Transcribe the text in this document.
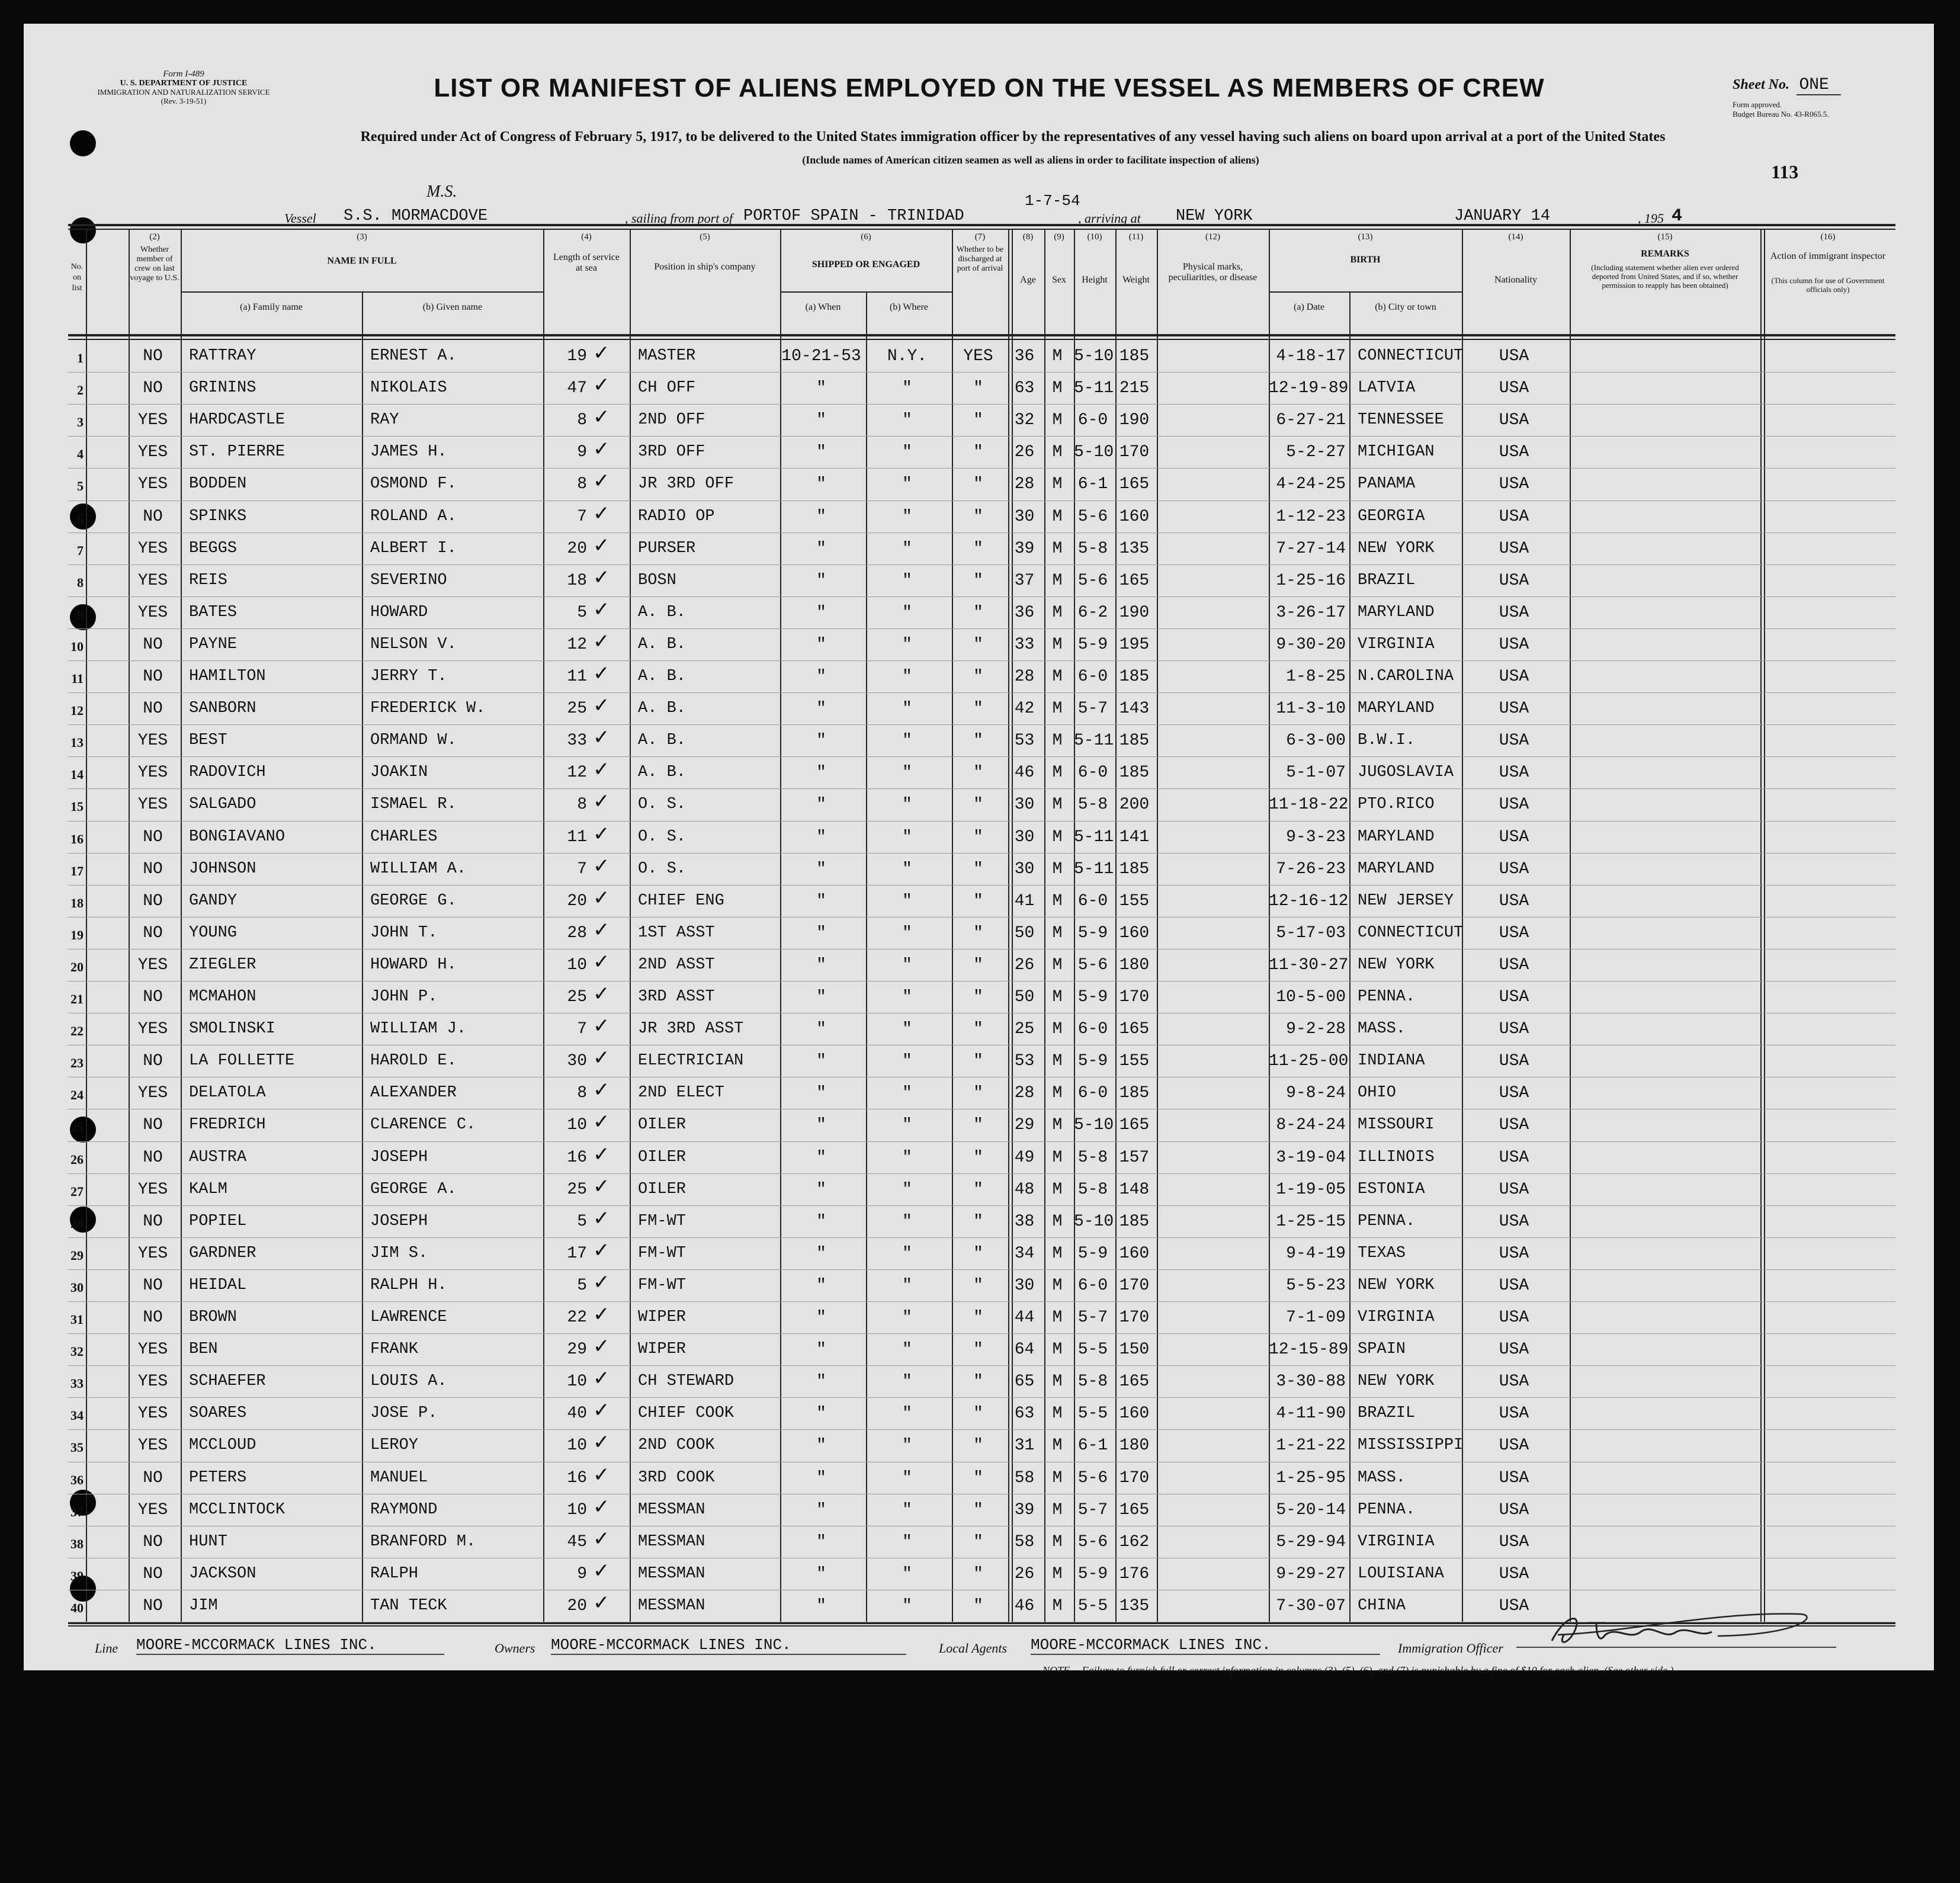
Form I-489
U. S. DEPARTMENT OF JUSTICE
IMMIGRATION AND NATURALIZATION SERVICE
(Rev. 3-19-51)	LIST OR MANIFEST OF ALIENS EMPLOYED ON THE VESSEL AS MEMBERS OF CREW	Sheet No. ONE
Form approved.
Budget Bureau No. 43-R065.5.
Required under Act of Congress of February 5, 1917, to be delivered to the United States immigration officer by the representatives of any vessel having such aliens on board upon arrival at a port of the United States
(Include names of American citizen seamen as well as aliens in order to facilitate inspection of aliens)
113
M.S.
Vessel S.S. MORMACDOVE	, sailing from port of PORTOF SPAIN - TRINIDAD
1-7-54
, arriving at	NEW YORK	JANUARY 14	, 195 4
No. on list
(2)
Whether member of crew on last voyage to U.S.
(3)
NAME IN FULL
(a) Family name	(b) Given name
(4)
Length of service at sea
(5)
Position in ship's company
(6)
SHIPPED OR ENGAGED
(a) When	(b) Where
(7)
Whether to be discharged at port of arrival
(8)
Age
(9)
Sex
(10)
Height
(11)
Weight
(12)
Physical marks, peculiarities, or disease
(13)
BIRTH
(a) Date	(b) City or town
(14)
Nationality
(15)
REMARKS
(Including statement whether alien ever ordered deported from United States, and if so, whether permission to reapply has been obtained)
(16)
Action of immigrant inspector
(This column for use of Government officials only)
1	NO	RATTRAY	ERNEST A.	19	MASTER	10-21-53	N.Y.	YES	36	M 5-10 185	4-18-17 CONNECTICUT	USA
✓
2	NO	GRININS	NIKOLAIS	47	CH OFF	"	"	"	63	M 5-11 215	12-19-89 LATVIA	USA
✓
3	YES	HARDCASTLE	RAY	8	2ND OFF	"	"	"	32	M 6-0 190	6-27-21 TENNESSEE	USA
✓
4	YES	ST. PIERRE	JAMES H.	9	3RD OFF	"	"	"	26	M 5-10 170	5-2-27 MICHIGAN	USA
✓
5	YES	BODDEN	OSMOND F.	8	JR 3RD OFF	"	"	"	28	M 6-1 165	4-24-25 PANAMA	USA
✓
6	NO	SPINKS	ROLAND A.	7	RADIO OP	"	"	"	30	M 5-6 160	1-12-23 GEORGIA	USA
✓
7	YES	BEGGS	ALBERT I.	20	PURSER	"	"	"	39	M 5-8 135	7-27-14 NEW YORK	USA
✓
8	YES	REIS	SEVERINO	18	BOSN	"	"	"	37	M 5-6 165	1-25-16 BRAZIL	USA
✓
9	YES	BATES	HOWARD	5	A. B.	"	"	"	36	M 6-2 190	3-26-17 MARYLAND	USA
✓
10	NO	PAYNE	NELSON V.	12	A. B.	"	"	"	33	M 5-9 195	9-30-20 VIRGINIA	USA
✓
11	NO	HAMILTON	JERRY T.	11	A. B.	"	"	"	28	M 6-0 185	1-8-25 N.CAROLINA	USA
✓
12	NO	SANBORN	FREDERICK W.	25	A. B.	"	"	"	42	M 5-7 143	11-3-10 MARYLAND	USA
✓
13	YES	BEST	ORMAND W.	33	A. B.	"	"	"	53	M 5-11 185	6-3-00 B.W.I.	USA
✓
14	YES	RADOVICH	JOAKIN	12	A. B.	"	"	"	46	M 6-0 185	5-1-07 JUGOSLAVIA	USA
✓
15	YES	SALGADO	ISMAEL R.	8	O. S.	"	"	"	30	M 5-8 200	11-18-22 PTO.RICO	USA
✓
16	NO	BONGIAVANO	CHARLES	11	O. S.	"	"	"	30	M 5-11 141	9-3-23 MARYLAND	USA
✓
17	NO	JOHNSON	WILLIAM A.	7	O. S.	"	"	"	30	M 5-11 185	7-26-23 MARYLAND	USA
✓
18	NO	GANDY	GEORGE G.	20	CHIEF ENG	"	"	"	41	M 6-0 155	12-16-12 NEW JERSEY	USA
✓
19	NO	YOUNG	JOHN T.	28	1ST ASST	"	"	"	50	M 5-9 160	5-17-03 CONNECTICUT	USA
✓
20	YES	ZIEGLER	HOWARD H.	10	2ND ASST	"	"	"	26	M 5-6 180	11-30-27 NEW YORK	USA
✓
21	NO	MCMAHON	JOHN P.	25	3RD ASST	"	"	"	50	M 5-9 170	10-5-00 PENNA.	USA
✓
22	YES	SMOLINSKI	WILLIAM J.	7	JR 3RD ASST	"	"	"	25	M 6-0 165	9-2-28 MASS.	USA
✓
23	NO	LA FOLLETTE	HAROLD E.	30	ELECTRICIAN	"	"	"	53	M 5-9 155	11-25-00 INDIANA	USA
✓
24	YES	DELATOLA	ALEXANDER	8	2ND ELECT	"	"	"	28	M 6-0 185	9-8-24 OHIO	USA
✓
25	NO	FREDRICH	CLARENCE C.	10	OILER	"	"	"	29	M 5-10 165	8-24-24 MISSOURI	USA
✓
26	NO	AUSTRA	JOSEPH	16	OILER	"	"	"	49	M 5-8 157	3-19-04 ILLINOIS	USA
✓
27	YES	KALM	GEORGE A.	25	OILER	"	"	"	48	M 5-8 148	1-19-05 ESTONIA	USA
✓
28	NO	POPIEL	JOSEPH	5	FM-WT	"	"	"	38	M 5-10 185	1-25-15 PENNA.	USA
✓
29	YES	GARDNER	JIM S.	17	FM-WT	"	"	"	34	M 5-9 160	9-4-19 TEXAS	USA
✓
30	NO	HEIDAL	RALPH H.	5	FM-WT	"	"	"	30	M 6-0 170	5-5-23 NEW YORK	USA
✓
31	NO	BROWN	LAWRENCE	22	WIPER	"	"	"	44	M 5-7 170	7-1-09 VIRGINIA	USA
✓
32	YES	BEN	FRANK	29	WIPER	"	"	"	64	M 5-5 150	12-15-89 SPAIN	USA
✓
33	YES	SCHAEFER	LOUIS A.	10	CH STEWARD	"	"	"	65	M 5-8 165	3-30-88 NEW YORK	USA
✓
34	YES	SOARES	JOSE P.	40	CHIEF COOK	"	"	"	63	M 5-5 160	4-11-90 BRAZIL	USA
✓
35	YES	MCCLOUD	LEROY	10	2ND COOK	"	"	"	31	M 6-1 180	1-21-22 MISSISSIPPI	USA
✓
36	NO	PETERS	MANUEL	16	3RD COOK	"	"	"	58	M 5-6 170	1-25-95 MASS.	USA
✓
37	YES	MCCLINTOCK	RAYMOND	10	MESSMAN	"	"	"	39	M 5-7 165	5-20-14 PENNA.	USA
✓
38	NO	HUNT	BRANFORD M.	45	MESSMAN	"	"	"	58	M 5-6 162	5-29-94 VIRGINIA	USA
✓
39	NO	JACKSON	RALPH	9	MESSMAN	"	"	"	26	M 5-9 176	9-29-27 LOUISIANA	USA
✓
40	NO	JIM	TAN TECK	20	MESSMAN	"	"	"	46	M 5-5 135	7-30-07 CHINA	USA
✓
Line MOORE-MCCORMACK LINES INC.	Owners MOORE-MCCORMACK LINES INC.	Local Agents MOORE-MCCORMACK LINES INC.	Immigration Officer
NOTE.—Failure to furnish full or correct information in columns (3), (5), (6), and (7) is punishable by a fine of $10 for each alien. (See other side.)
